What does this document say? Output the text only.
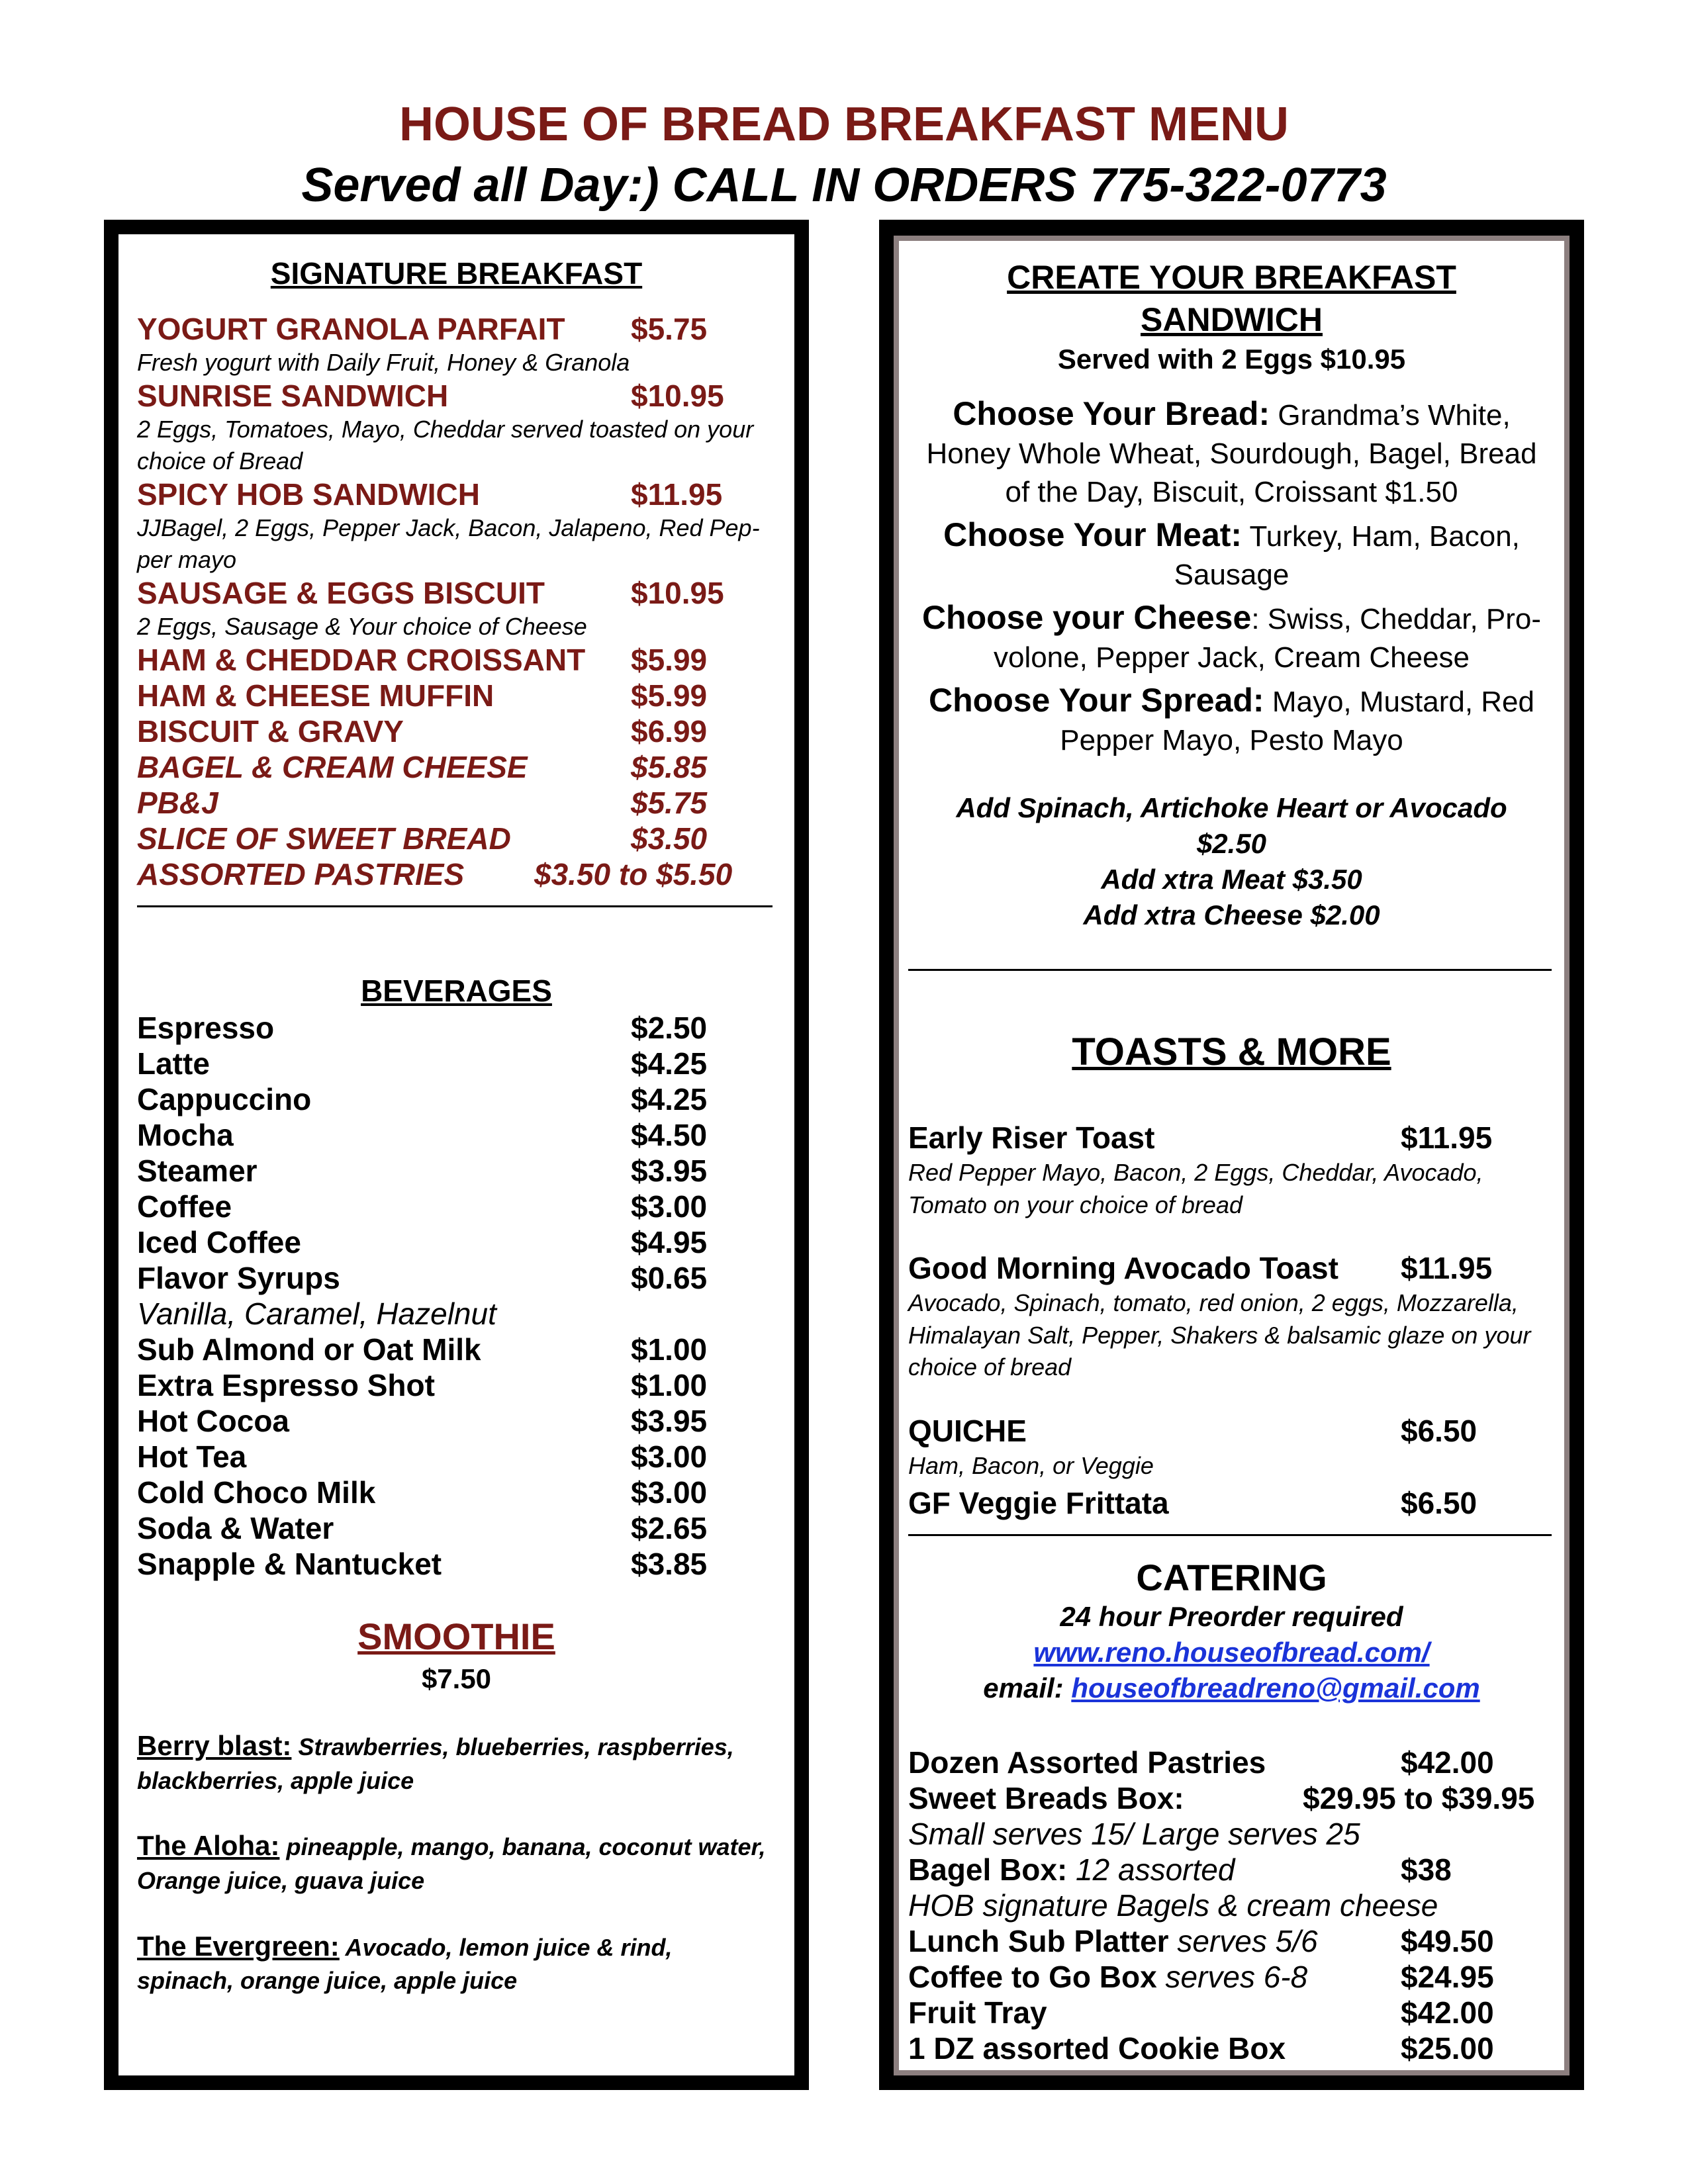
HOUSE OF BREAD BREAKFAST MENU
Served all Day:) CALL IN ORDERS 775-322-0773
SIGNATURE BREAKFAST
YOGURT GRANOLA PARFAIT $5.75
Fresh yogurt with Daily Fruit, Honey & Granola
SUNRISE SANDWICH	$10.95
2 Eggs, Tomatoes, Mayo, Cheddar served toasted on your choice of Bread
SPICY HOB SANDWICH	$11.95
JJBagel, 2 Eggs, Pepper Jack, Bacon, Jalapeno, Red Pep-per mayo
SAUSAGE & EGGS BISCUIT	$10.95
2 Eggs, Sausage & Your choice of Cheese
HAM & CHEDDAR CROISSANT $5.99
HAM & CHEESE MUFFIN	$5.99
BISCUIT & GRAVY	$6.99
BAGEL & CREAM CHEESE	$5.85
PB&J	$5.75
SLICE OF SWEET BREAD	$3.50
ASSORTED PASTRIES $3.50 to $5.50
BEVERAGES
Espresso	$2.50
Latte	$4.25
Cappuccino	$4.25
Mocha	$4.50
Steamer	$3.95
Coffee	$3.00
Iced Coffee	$4.95
Flavor Syrups	$0.65
Vanilla, Caramel, Hazelnut
Sub Almond or Oat Milk	$1.00
Extra Espresso Shot	$1.00
Hot Cocoa	$3.95
Hot Tea	$3.00
Cold Choco Milk	$3.00
Soda & Water	$2.65
Snapple & Nantucket	$3.85
SMOOTHIE
$7.50
Berry blast: Strawberries, blueberries, raspberries,
blackberries, apple juice
The Aloha: pineapple, mango, banana, coconut water,
Orange juice, guava juice
The Evergreen: Avocado, lemon juice & rind,
spinach, orange juice, apple juice
CREATE YOUR BREAKFAST
SANDWICH
Served with 2 Eggs $10.95
Choose Your Bread: Grandma’s White,
Honey Whole Wheat, Sourdough, Bagel, Bread
of the Day, Biscuit, Croissant $1.50
Choose Your Meat: Turkey, Ham, Bacon,
Sausage
Choose your Cheese: Swiss, Cheddar, Pro-
volone, Pepper Jack, Cream Cheese
Choose Your Spread: Mayo, Mustard, Red
Pepper Mayo, Pesto Mayo
Add Spinach, Artichoke Heart or Avocado
$2.50
Add xtra Meat $3.50
Add xtra Cheese $2.00
TOASTS & MORE
Early Riser Toast	$11.95
Red Pepper Mayo, Bacon, 2 Eggs, Cheddar, Avocado,
Tomato on your choice of bread
Good Morning Avocado Toast $11.95
Avocado, Spinach, tomato, red onion, 2 eggs, Mozzarella,
Himalayan Salt, Pepper, Shakers & balsamic glaze on your
choice of bread
QUICHE	$6.50
Ham, Bacon, or Veggie
GF Veggie Frittata	$6.50
CATERING
24 hour Preorder required
www.reno.houseofbread.com/
email: houseofbreadreno@gmail.com
Dozen Assorted Pastries	$42.00
Sweet Breads Box:	$29.95 to $39.95
Small serves 15/ Large serves 25
Bagel Box: 12 assorted	$38
HOB signature Bagels & cream cheese
Lunch Sub Platter serves 5/6	$49.50
Coffee to Go Box serves 6-8	$24.95
Fruit Tray	$42.00
1 DZ assorted Cookie Box	$25.00
